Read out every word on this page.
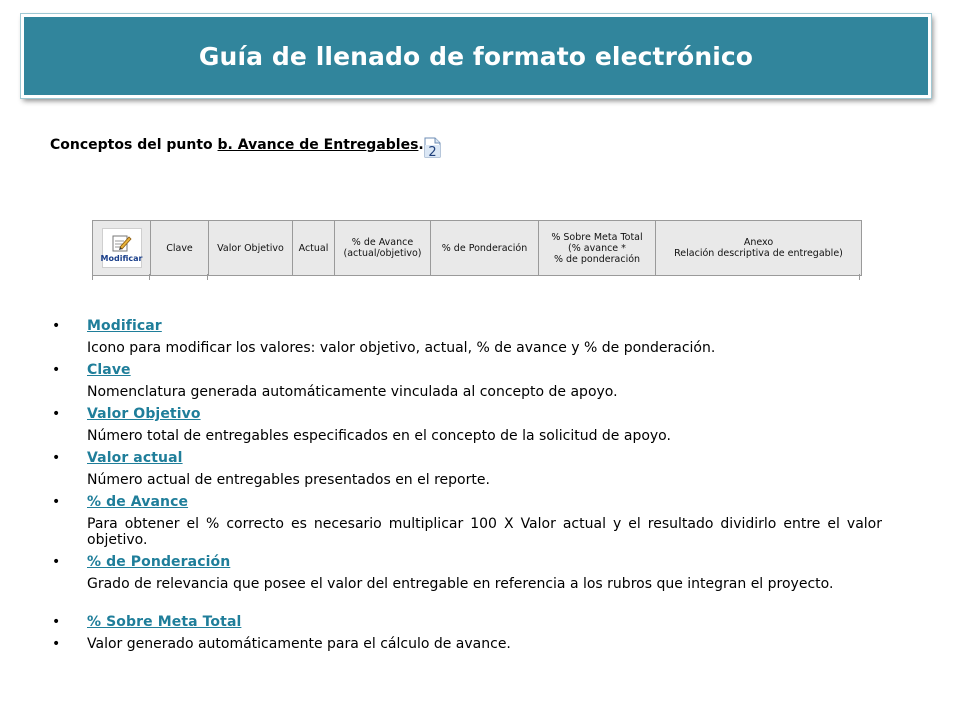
Guía de llenado de formato electrónico
Conceptos del punto b. Avance de Entregables. 2
Modificar
Clave	Valor Objetivo Actual % de Avance
(actual/objetivo) % de Ponderación
% Sobre Meta Total
(% avance *
% de ponderación
Anexo
Relación descriptiva de entregable)
• Modificar
Icono para modificar los valores: valor objetivo, actual, % de avance y % de ponderación.
• Clave
Nomenclatura generada automáticamente vinculada al concepto de apoyo.
• Valor Objetivo
Número total de entregables especificados en el concepto de la solicitud de apoyo.
• Valor actual
Número actual de entregables presentados en el reporte.
• % de Avance
Para obtener el % correcto es necesario multiplicar 100 X Valor actual y el resultado dividirlo entre el valor objetivo.
• % de Ponderación
Grado de relevancia que posee el valor del entregable en referencia a los rubros que integran el proyecto.
• % Sobre Meta Total
• Valor generado automáticamente para el cálculo de avance.
